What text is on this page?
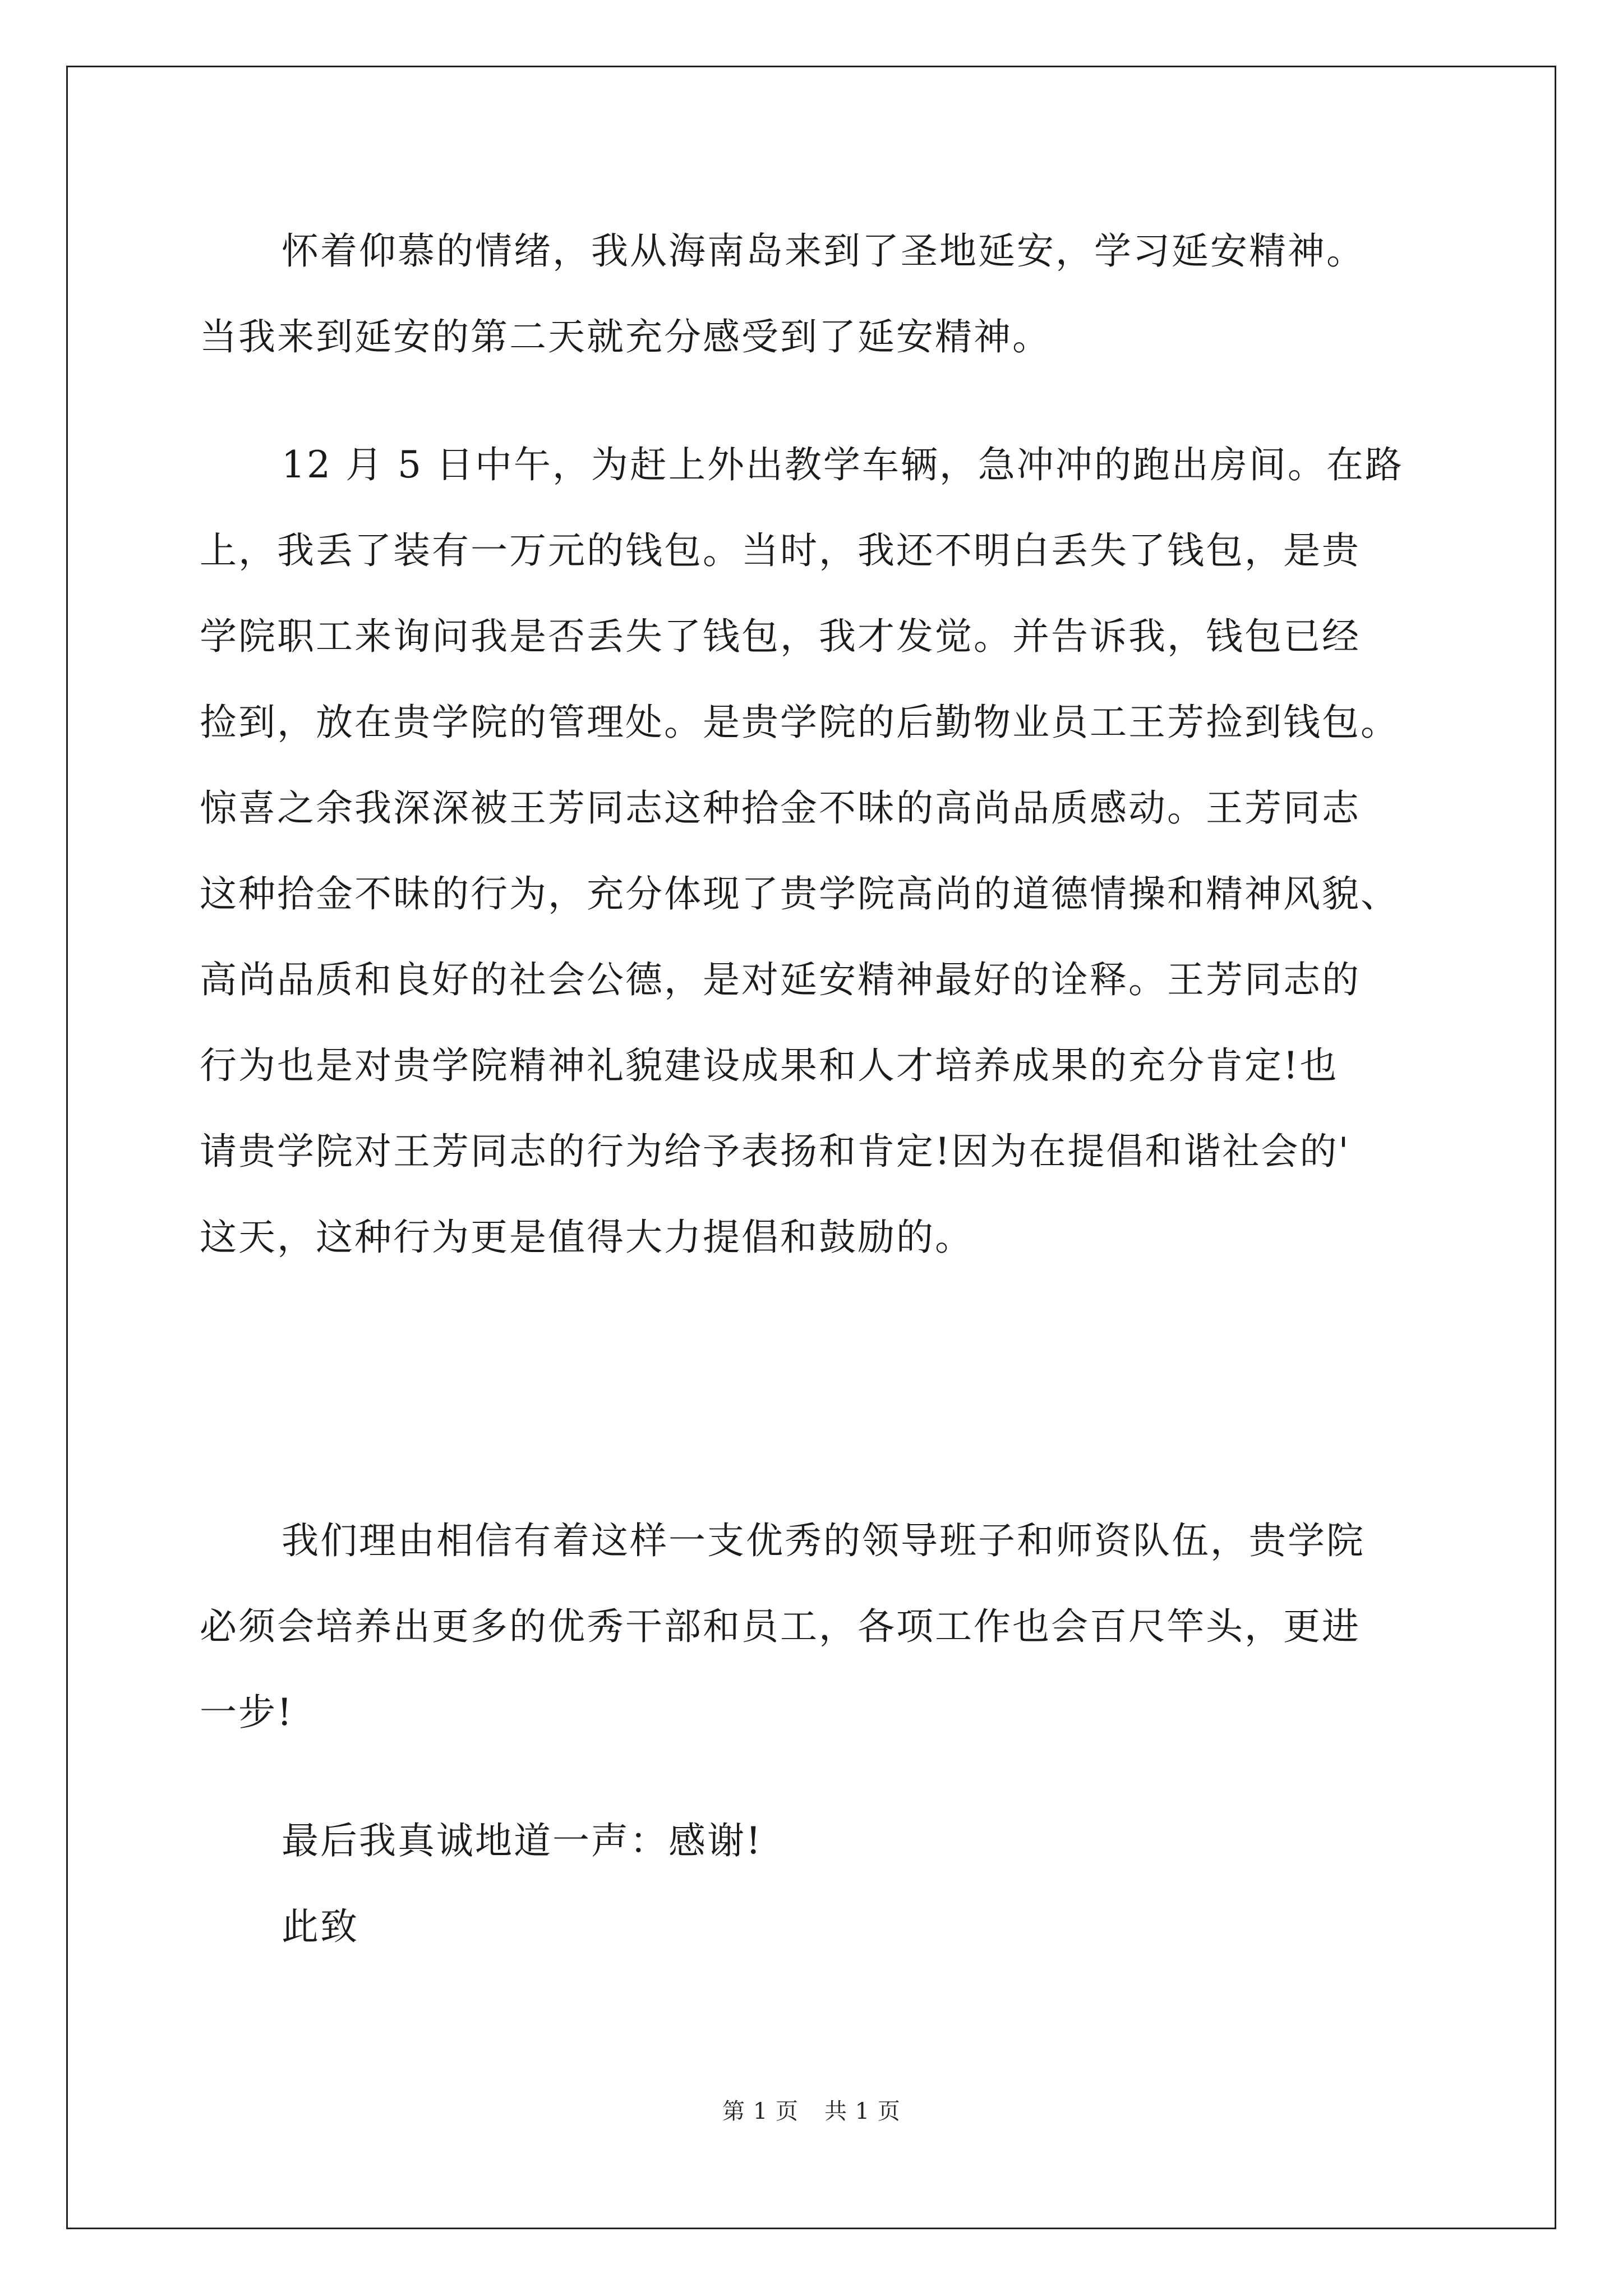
怀着仰慕的情绪，我从海南岛来到了圣地延安，学习延安精神。
当我来到延安的第二天就充分感受到了延安精神。
12 月 5 日中午，为赶上外出教学车辆，急冲冲的跑出房间。在路
上，我丢了装有一万元的钱包。当时，我还不明白丢失了钱包，是贵
学院职工来询问我是否丢失了钱包，我才发觉。并告诉我，钱包已经
捡到，放在贵学院的管理处。是贵学院的后勤物业员工王芳捡到钱包。
惊喜之余我深深被王芳同志这种拾金不昧的高尚品质感动。王芳同志
这种拾金不昧的行为，充分体现了贵学院高尚的道德情操和精神风貌、
高尚品质和良好的社会公德，是对延安精神最好的诠释。王芳同志的
行为也是对贵学院精神礼貌建设成果和人才培养成果的充分肯定!也
请贵学院对王芳同志的行为给予表扬和肯定!因为在提倡和谐社会的'
这天，这种行为更是值得大力提倡和鼓励的。
我们理由相信有着这样一支优秀的领导班子和师资队伍，贵学院
必须会培养出更多的优秀干部和员工，各项工作也会百尺竿头，更进
一步!
最后我真诚地道一声：感谢!
此致
第 1 页 共 1 页
